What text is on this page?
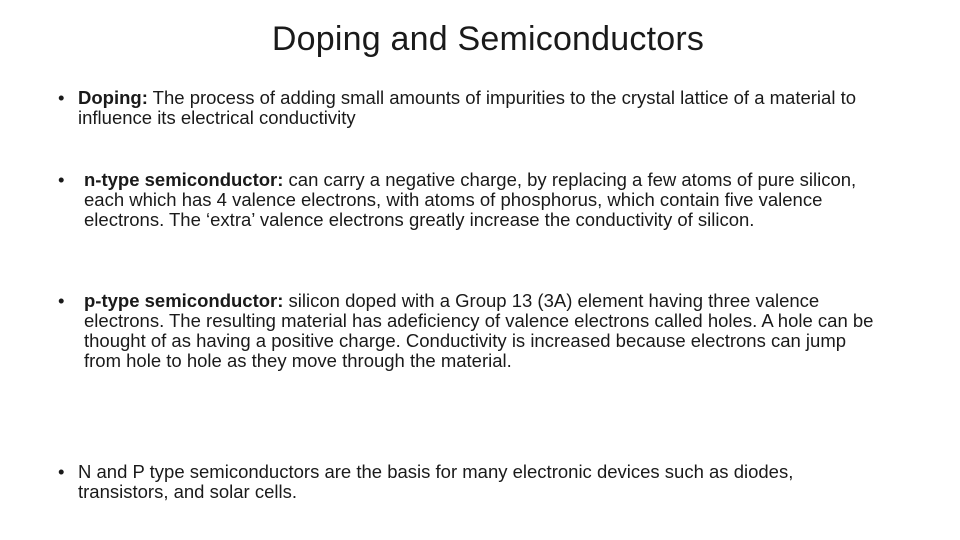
Doping and Semiconductors
• Doping: The process of adding small amounts of impurities to the crystal lattice of a material to influence its electrical conductivity
•	n-type semiconductor: can carry a negative charge, by replacing a few atoms of pure silicon, each which has 4 valence electrons, with atoms of phosphorus, which contain five valence electrons. The ‘extra’ valence electrons greatly increase the conductivity of silicon.
•	p-type semiconductor: silicon doped with a Group 13 (3A) element having three valence electrons. The resulting material has adeficiency of valence electrons called holes. A hole can be thought of as having a positive charge. Conductivity is increased because electrons can jump from hole to hole as they move through the material.
• N and P type semiconductors are the basis for many electronic devices such as diodes, transistors, and solar cells.
